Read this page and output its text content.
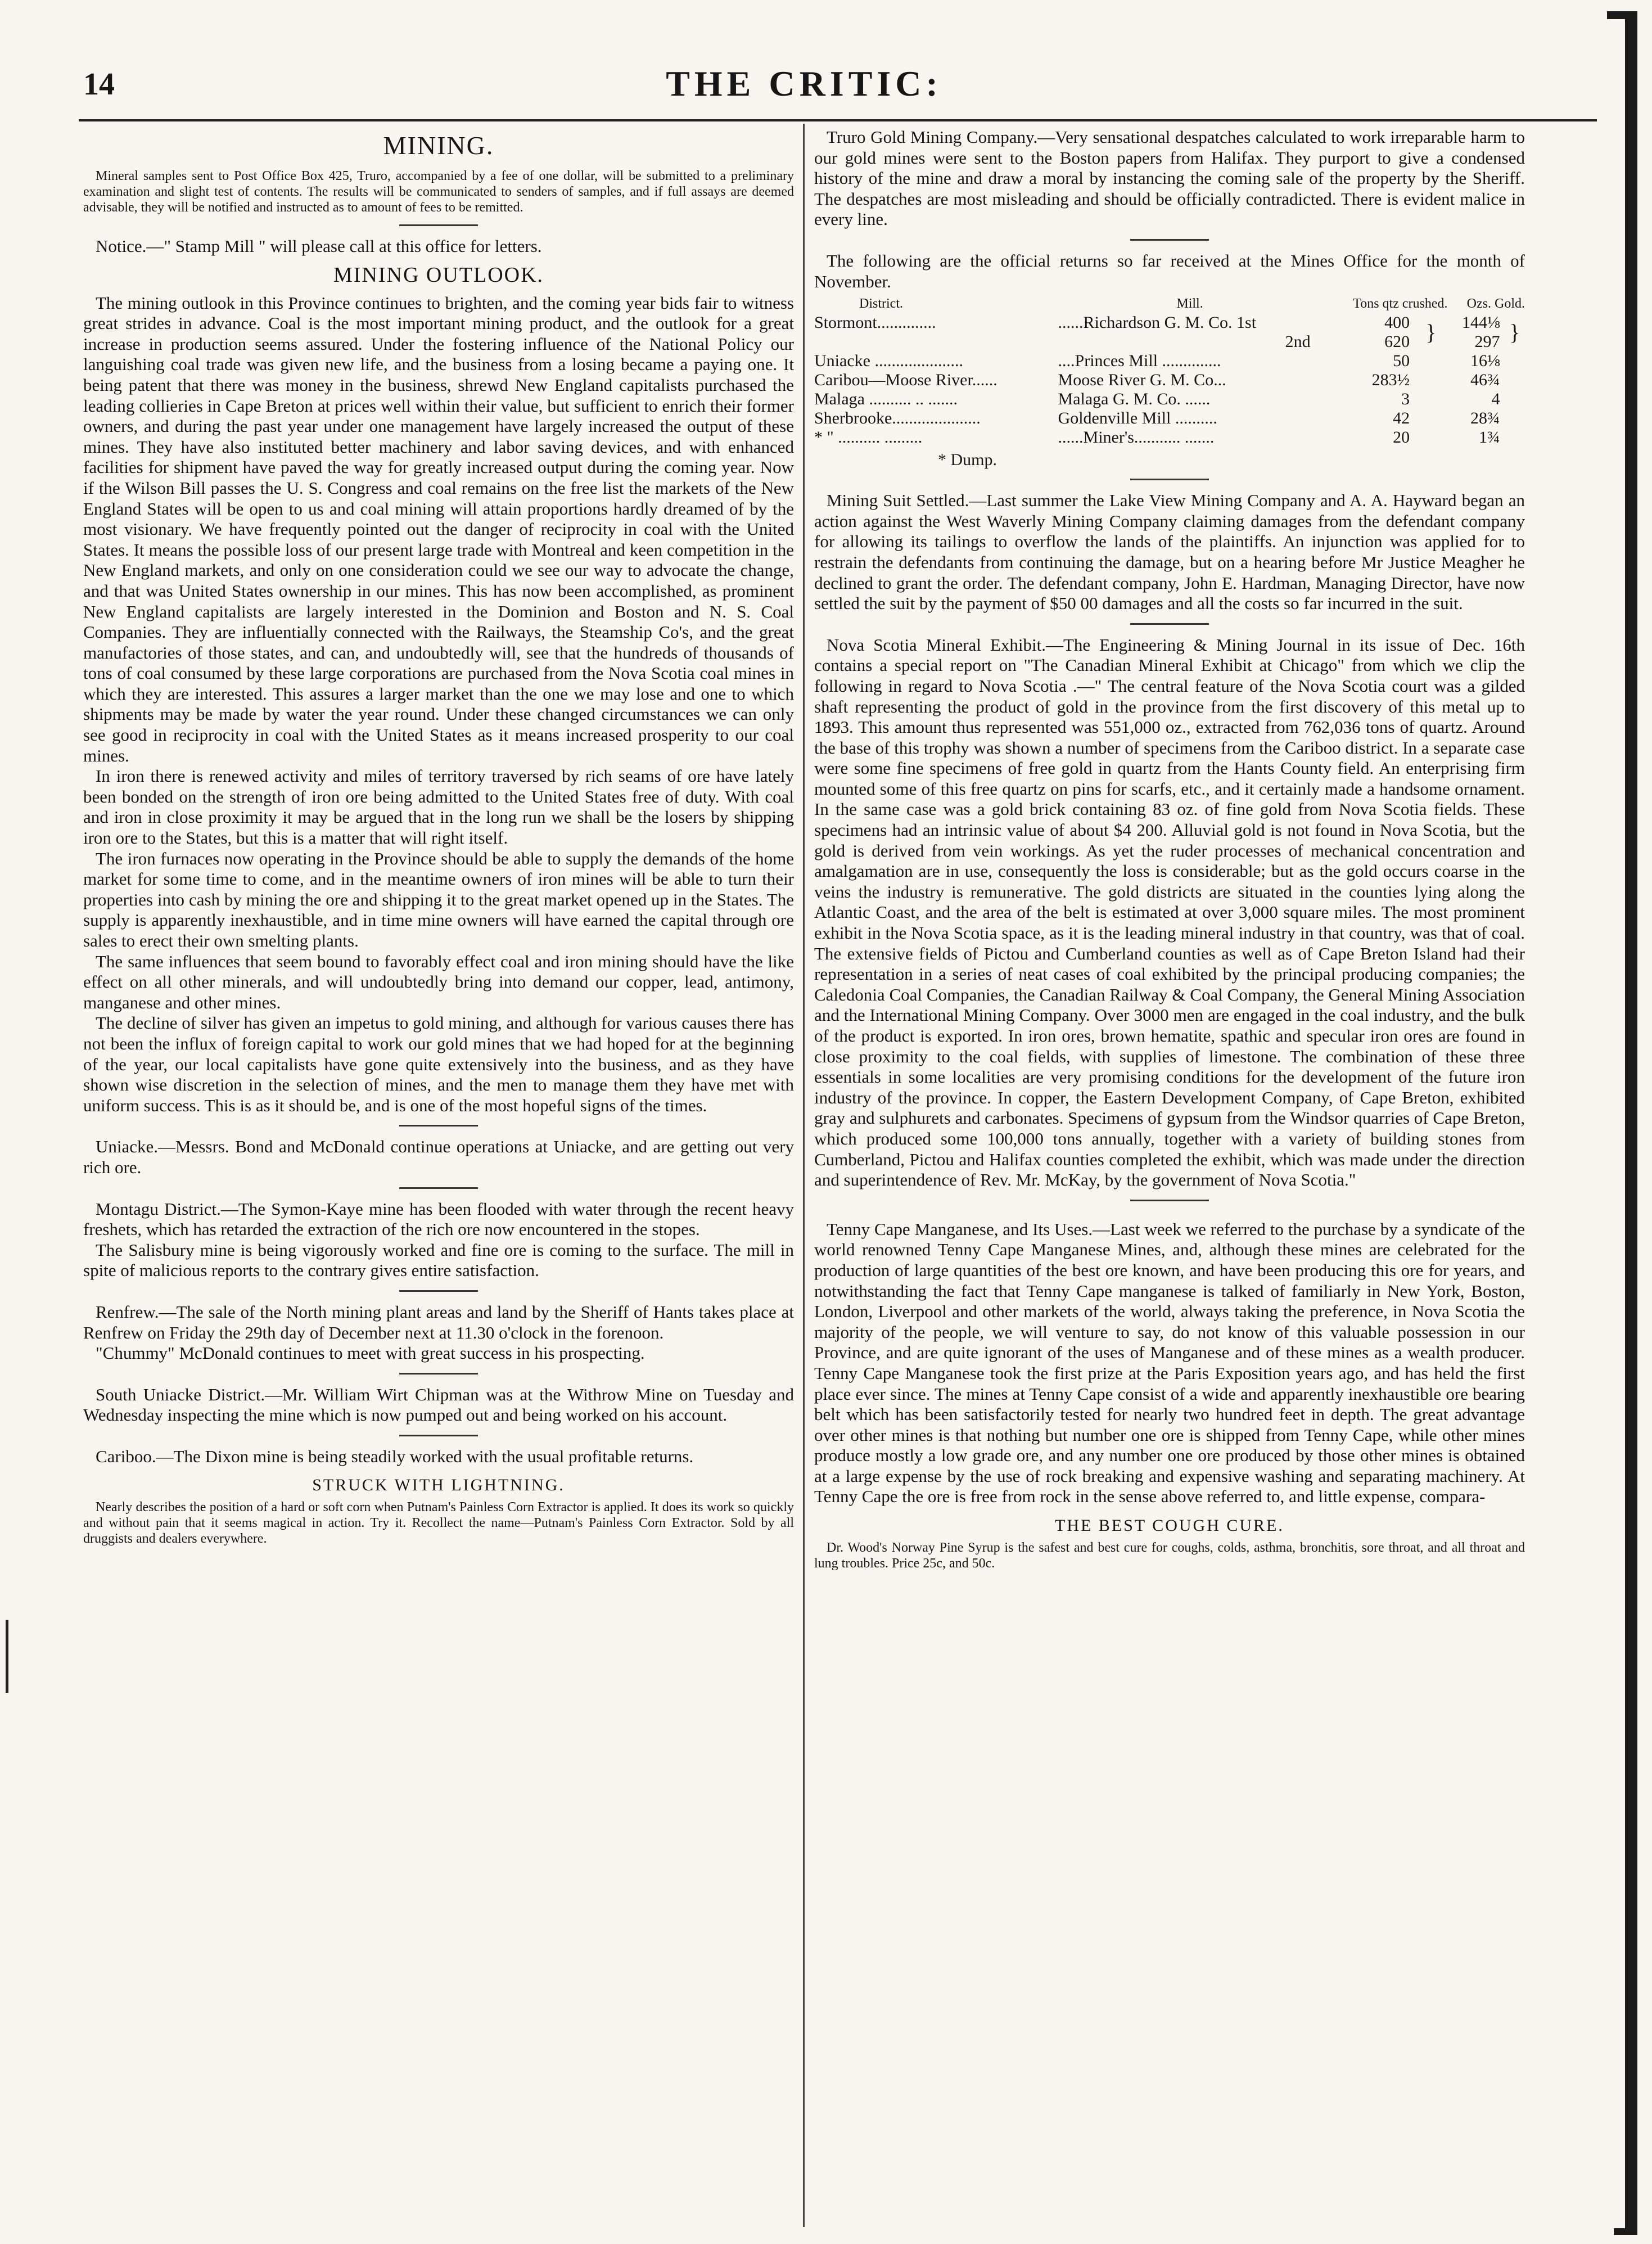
14	THE CRITIC:
MINING.

Mineral samples sent to Post Office Box 425, Truro, accompanied by a fee of one dollar, will be submitted to a preliminary examination and slight test of contents. The results will be communicated to senders of samples, and if full assays are deemed advisable, they will be notified and instructed as to amount of fees to be remitted.

Notice.—" Stamp Mill " will please call at this office for letters.

MINING OUTLOOK.

The mining outlook in this Province continues to brighten, and the coming year bids fair to witness great strides in advance. Coal is the most important mining product, and the outlook for a great increase in production seems assured. Under the fostering influence of the National Policy our languishing coal trade was given new life, and the business from a losing became a paying one. It being patent that there was money in the business, shrewd New England capitalists purchased the leading collieries in Cape Breton at prices well within their value, but sufficient to enrich their former owners, and during the past year under one management have largely increased the output of these mines. They have also instituted better machinery and labor saving devices, and with enhanced facilities for shipment have paved the way for greatly increased output during the coming year. Now if the Wilson Bill passes the U. S. Congress and coal remains on the free list the markets of the New England States will be open to us and coal mining will attain proportions hardly dreamed of by the most visionary. We have frequently pointed out the danger of reciprocity in coal with the United States. It means the possible loss of our present large trade with Montreal and keen competition in the New England markets, and only on one consideration could we see our way to advocate the change, and that was United States ownership in our mines. This has now been accomplished, as prominent New England capitalists are largely interested in the Dominion and Boston and N. S. Coal Companies. They are influentially connected with the Railways, the Steamship Co's, and the great manufactories of those states, and can, and undoubtedly will, see that the hundreds of thousands of tons of coal consumed by these large corporations are purchased from the Nova Scotia coal mines in which they are interested. This assures a larger market than the one we may lose and one to which shipments may be made by water the year round. Under these changed circumstances we can only see good in reciprocity in coal with the United States as it means increased prosperity to our coal mines.

In iron there is renewed activity and miles of territory traversed by rich seams of ore have lately been bonded on the strength of iron ore being admitted to the United States free of duty. With coal and iron in close proximity it may be argued that in the long run we shall be the losers by shipping iron ore to the States, but this is a matter that will right itself.

The iron furnaces now operating in the Province should be able to supply the demands of the home market for some time to come, and in the meantime owners of iron mines will be able to turn their properties into cash by mining the ore and shipping it to the great market opened up in the States. The supply is apparently inexhaustible, and in time mine owners will have earned the capital through ore sales to erect their own smelting plants.

The same influences that seem bound to favorably effect coal and iron mining should have the like effect on all other minerals, and will undoubtedly bring into demand our copper, lead, antimony, manganese and other mines.

The decline of silver has given an impetus to gold mining, and although for various causes there has not been the influx of foreign capital to work our gold mines that we had hoped for at the beginning of the year, our local capitalists have gone quite extensively into the business, and as they have shown wise discretion in the selection of mines, and the men to manage them they have met with uniform success. This is as it should be, and is one of the most hopeful signs of the times.

Uniacke.—Messrs. Bond and McDonald continue operations at Uniacke, and are getting out very rich ore.

Montagu District.—The Symon-Kaye mine has been flooded with water through the recent heavy freshets, which has retarded the extraction of the rich ore now encountered in the stopes.

The Salisbury mine is being vigorously worked and fine ore is coming to the surface. The mill in spite of malicious reports to the contrary gives entire satisfaction.

Renfrew.—The sale of the North mining plant areas and land by the Sheriff of Hants takes place at Renfrew on Friday the 29th day of December next at 11.30 o'clock in the forenoon.

"Chummy" McDonald continues to meet with great success in his prospecting.

South Uniacke District.—Mr. William Wirt Chipman was at the Withrow Mine on Tuesday and Wednesday inspecting the mine which is now pumped out and being worked on his account.

Cariboo.—The Dixon mine is being steadily worked with the usual profitable returns.

STRUCK WITH LIGHTNING.

Nearly describes the position of a hard or soft corn when Putnam's Painless Corn Extractor is applied. It does its work so quickly and without pain that it seems magical in action. Try it. Recollect the name—Putnam's Painless Corn Extractor. Sold by all druggists and dealers everywhere.

Truro Gold Mining Company.—Very sensational despatches calculated to work irreparable harm to our gold mines were sent to the Boston papers from Halifax. They purport to give a condensed history of the mine and draw a moral by instancing the coming sale of the property by the Sheriff. The despatches are most misleading and should be officially contradicted. There is evident malice in every line.

The following are the official returns so far received at the Mines Office for the month of November.

District.	Mill.	Tons qtz crushed.		Ozs. Gold.	
Stormont..............	......Richardson G. M. Co. 1st	400	}	144⅛	}
	2nd	620		297	
Uniacke .....................	....Princes Mill ..............	50		16⅛	
Caribou—Moose River......	Moose River G. M. Co...	283½		46¾	
Malaga .......... .. .......	Malaga G. M. Co. ......	3		4	
Sherbrooke.....................	Goldenville Mill ..........	42		28¾	
* " .......... .........	......Miner's........... .......	20		1¾	
* Dump.

Mining Suit Settled.—Last summer the Lake View Mining Company and A. A. Hayward began an action against the West Waverly Mining Company claiming damages from the defendant company for allowing its tailings to overflow the lands of the plaintiffs. An injunction was applied for to restrain the defendants from continuing the damage, but on a hearing before Mr Justice Meagher he declined to grant the order. The defendant company, John E. Hardman, Managing Director, have now settled the suit by the payment of $50 00 damages and all the costs so far incurred in the suit.

Nova Scotia Mineral Exhibit.—The Engineering & Mining Journal in its issue of Dec. 16th contains a special report on "The Canadian Mineral Exhibit at Chicago" from which we clip the following in regard to Nova Scotia .—" The central feature of the Nova Scotia court was a gilded shaft representing the product of gold in the province from the first discovery of this metal up to 1893. This amount thus represented was 551,000 oz., extracted from 762,036 tons of quartz. Around the base of this trophy was shown a number of specimens from the Cariboo district. In a separate case were some fine specimens of free gold in quartz from the Hants County field. An enterprising firm mounted some of this free quartz on pins for scarfs, etc., and it certainly made a handsome ornament. In the same case was a gold brick containing 83 oz. of fine gold from Nova Scotia fields. These specimens had an intrinsic value of about $4 200. Alluvial gold is not found in Nova Scotia, but the gold is derived from vein workings. As yet the ruder processes of mechanical concentration and amalgamation are in use, consequently the loss is considerable; but as the gold occurs coarse in the veins the industry is remunerative. The gold districts are situated in the counties lying along the Atlantic Coast, and the area of the belt is estimated at over 3,000 square miles. The most prominent exhibit in the Nova Scotia space, as it is the leading mineral industry in that country, was that of coal. The extensive fields of Pictou and Cumberland counties as well as of Cape Breton Island had their representation in a series of neat cases of coal exhibited by the principal producing companies; the Caledonia Coal Companies, the Canadian Railway & Coal Company, the General Mining Association and the International Mining Company. Over 3000 men are engaged in the coal industry, and the bulk of the product is exported. In iron ores, brown hematite, spathic and specular iron ores are found in close proximity to the coal fields, with supplies of limestone. The combination of these three essentials in some localities are very promising conditions for the development of the future iron industry of the province. In copper, the Eastern Development Company, of Cape Breton, exhibited gray and sulphurets and carbonates. Specimens of gypsum from the Windsor quarries of Cape Breton, which produced some 100,000 tons annually, together with a variety of building stones from Cumberland, Pictou and Halifax counties completed the exhibit, which was made under the direction and superintendence of Rev. Mr. McKay, by the government of Nova Scotia."

Tenny Cape Manganese, and Its Uses.—Last week we referred to the purchase by a syndicate of the world renowned Tenny Cape Manganese Mines, and, although these mines are celebrated for the production of large quantities of the best ore known, and have been producing this ore for years, and notwithstanding the fact that Tenny Cape manganese is talked of familiarly in New York, Boston, London, Liverpool and other markets of the world, always taking the preference, in Nova Scotia the majority of the people, we will venture to say, do not know of this valuable possession in our Province, and are quite ignorant of the uses of Manganese and of these mines as a wealth producer. Tenny Cape Manganese took the first prize at the Paris Exposition years ago, and has held the first place ever since. The mines at Tenny Cape consist of a wide and apparently inexhaustible ore bearing belt which has been satisfactorily tested for nearly two hundred feet in depth. The great advantage over other mines is that nothing but number one ore is shipped from Tenny Cape, while other mines produce mostly a low grade ore, and any number one ore produced by those other mines is obtained at a large expense by the use of rock breaking and expensive washing and separating machinery. At Tenny Cape the ore is free from rock in the sense above referred to, and little expense, compara-

THE BEST COUGH CURE.

Dr. Wood's Norway Pine Syrup is the safest and best cure for coughs, colds, asthma, bronchitis, sore throat, and all throat and lung troubles. Price 25c, and 50c.
